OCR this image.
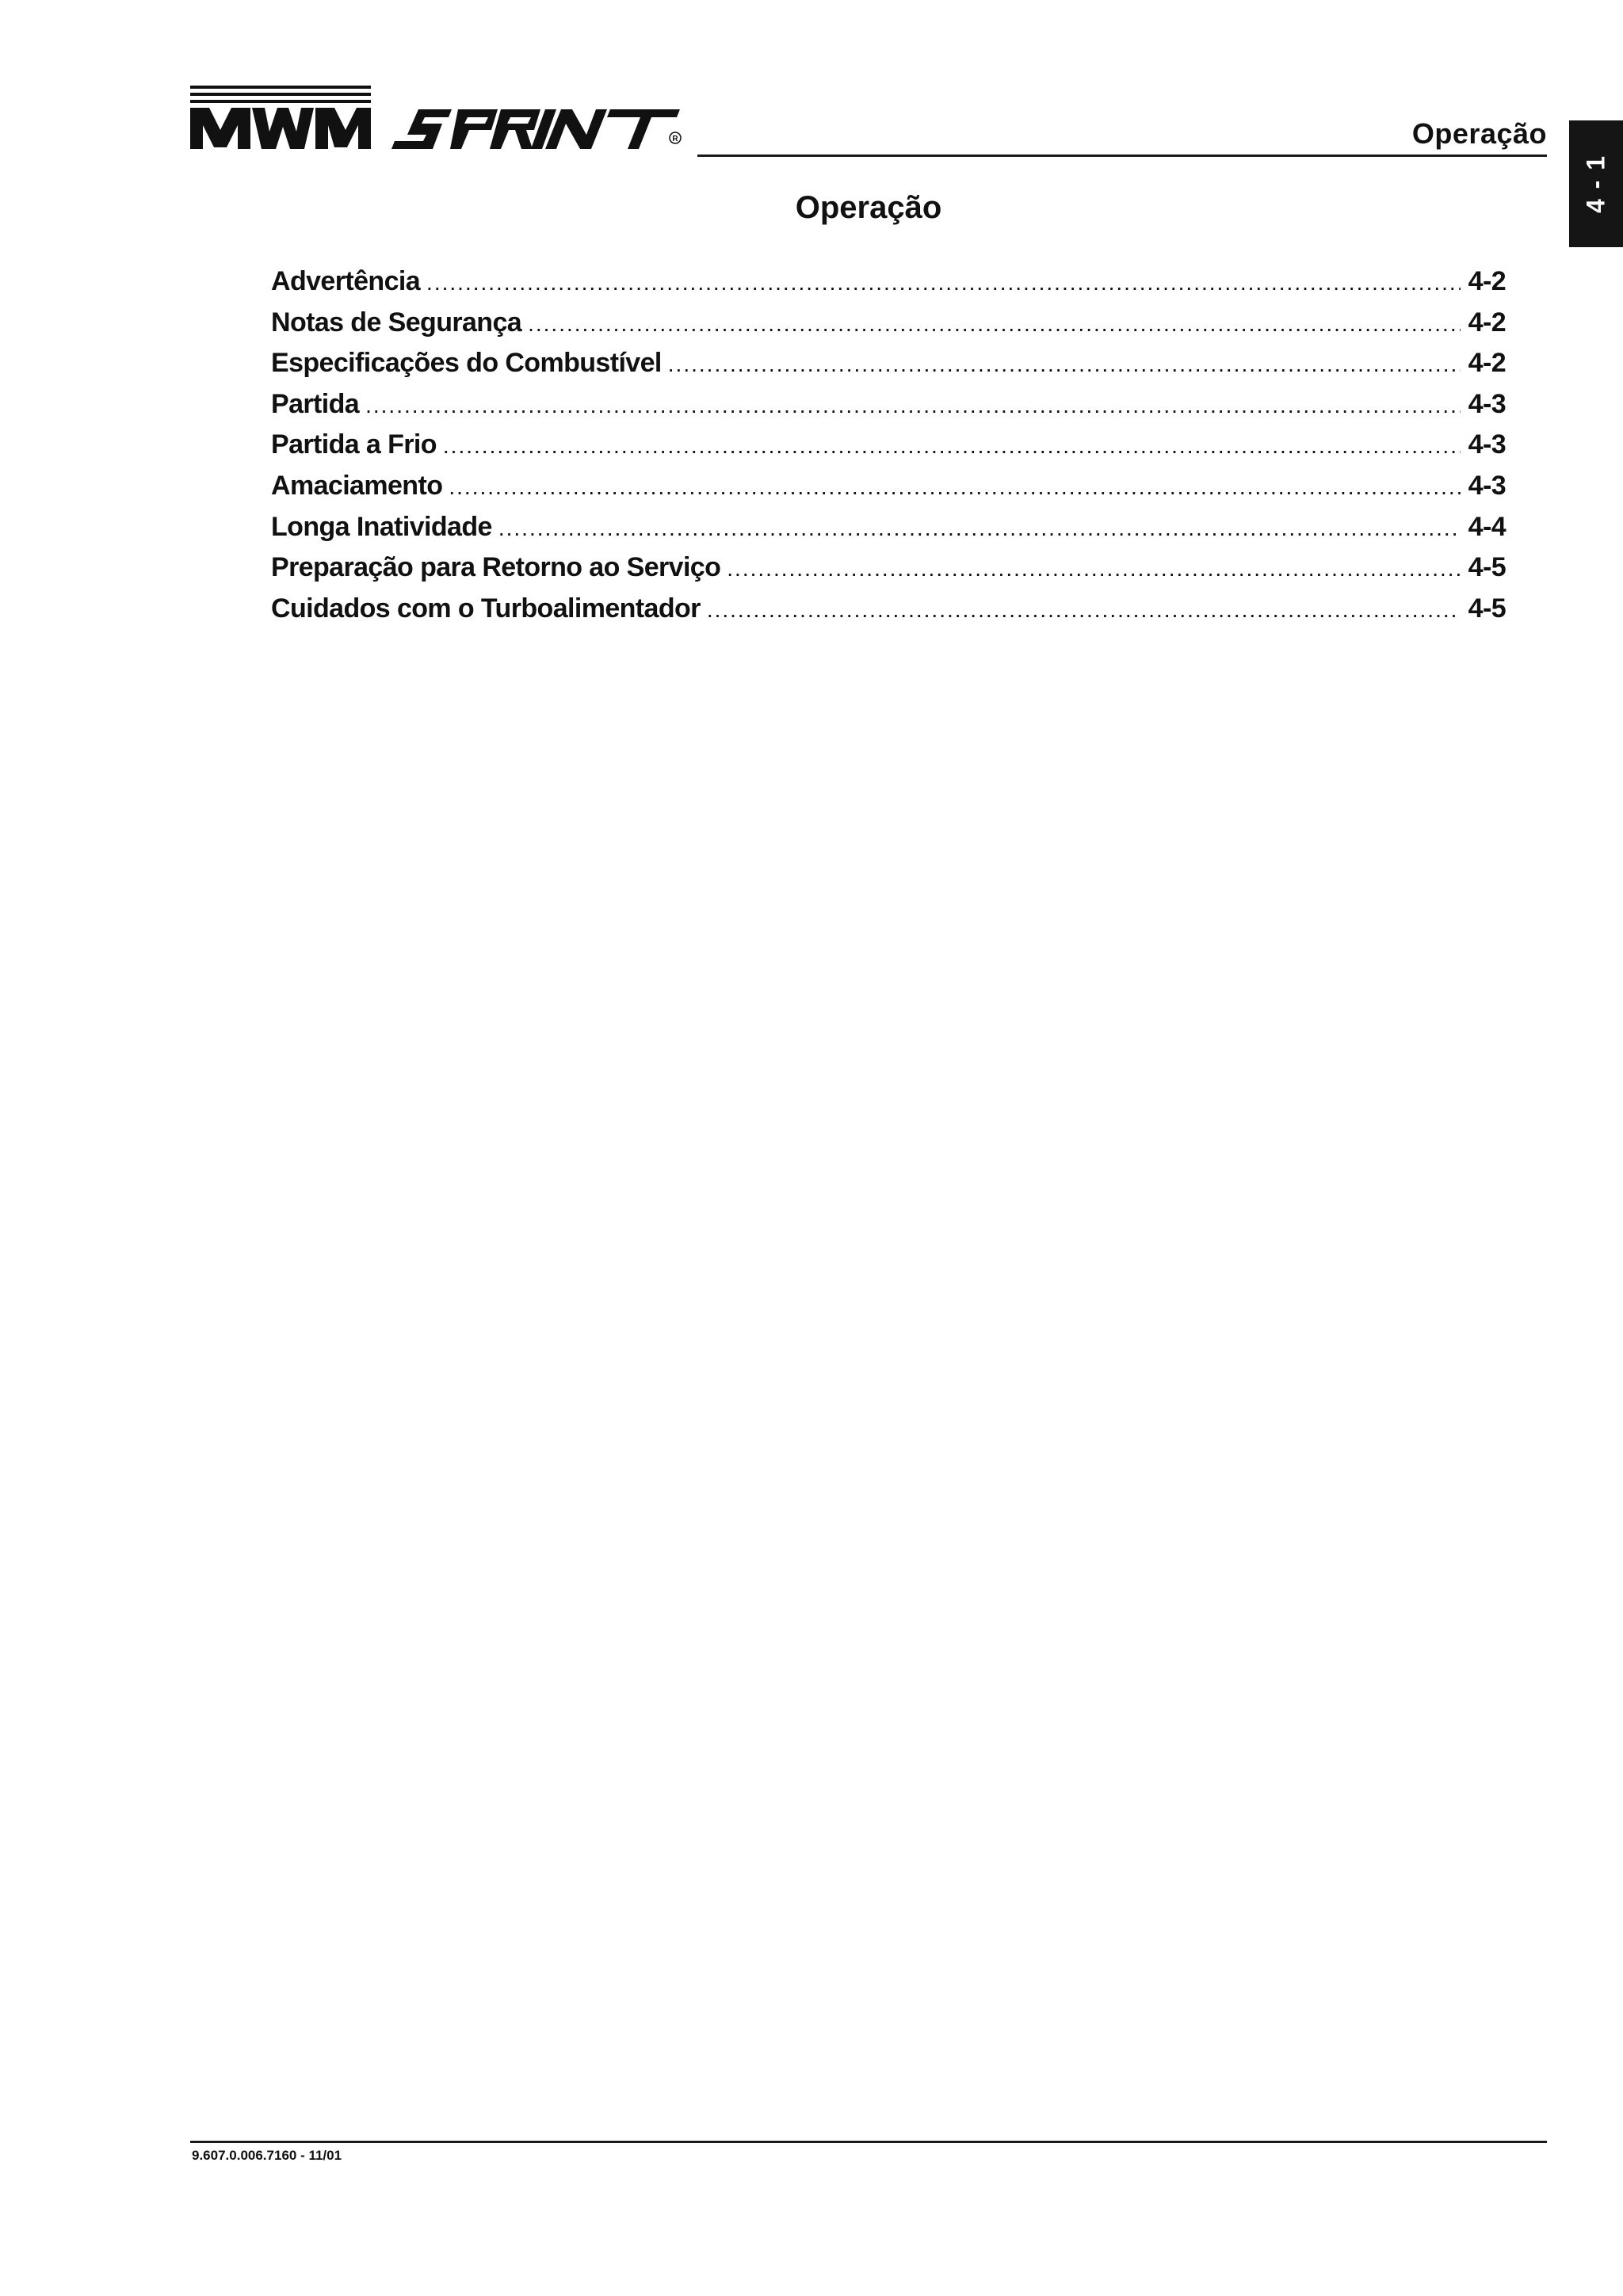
R	Operação
4 - 1
Operação
Advertência .....	4-2
Notas de Segurança .....	4-2
Especificações do Combustível .....	4-2
Partida .....	4-3
Partida a Frio .....	4-3
Amaciamento .....	4-3
Longa Inatividade .....	4-4
Preparação para Retorno ao Serviço .....	4-5
Cuidados com o Turboalimentador .....	4-5
9.607.0.006.7160 - 11/01
